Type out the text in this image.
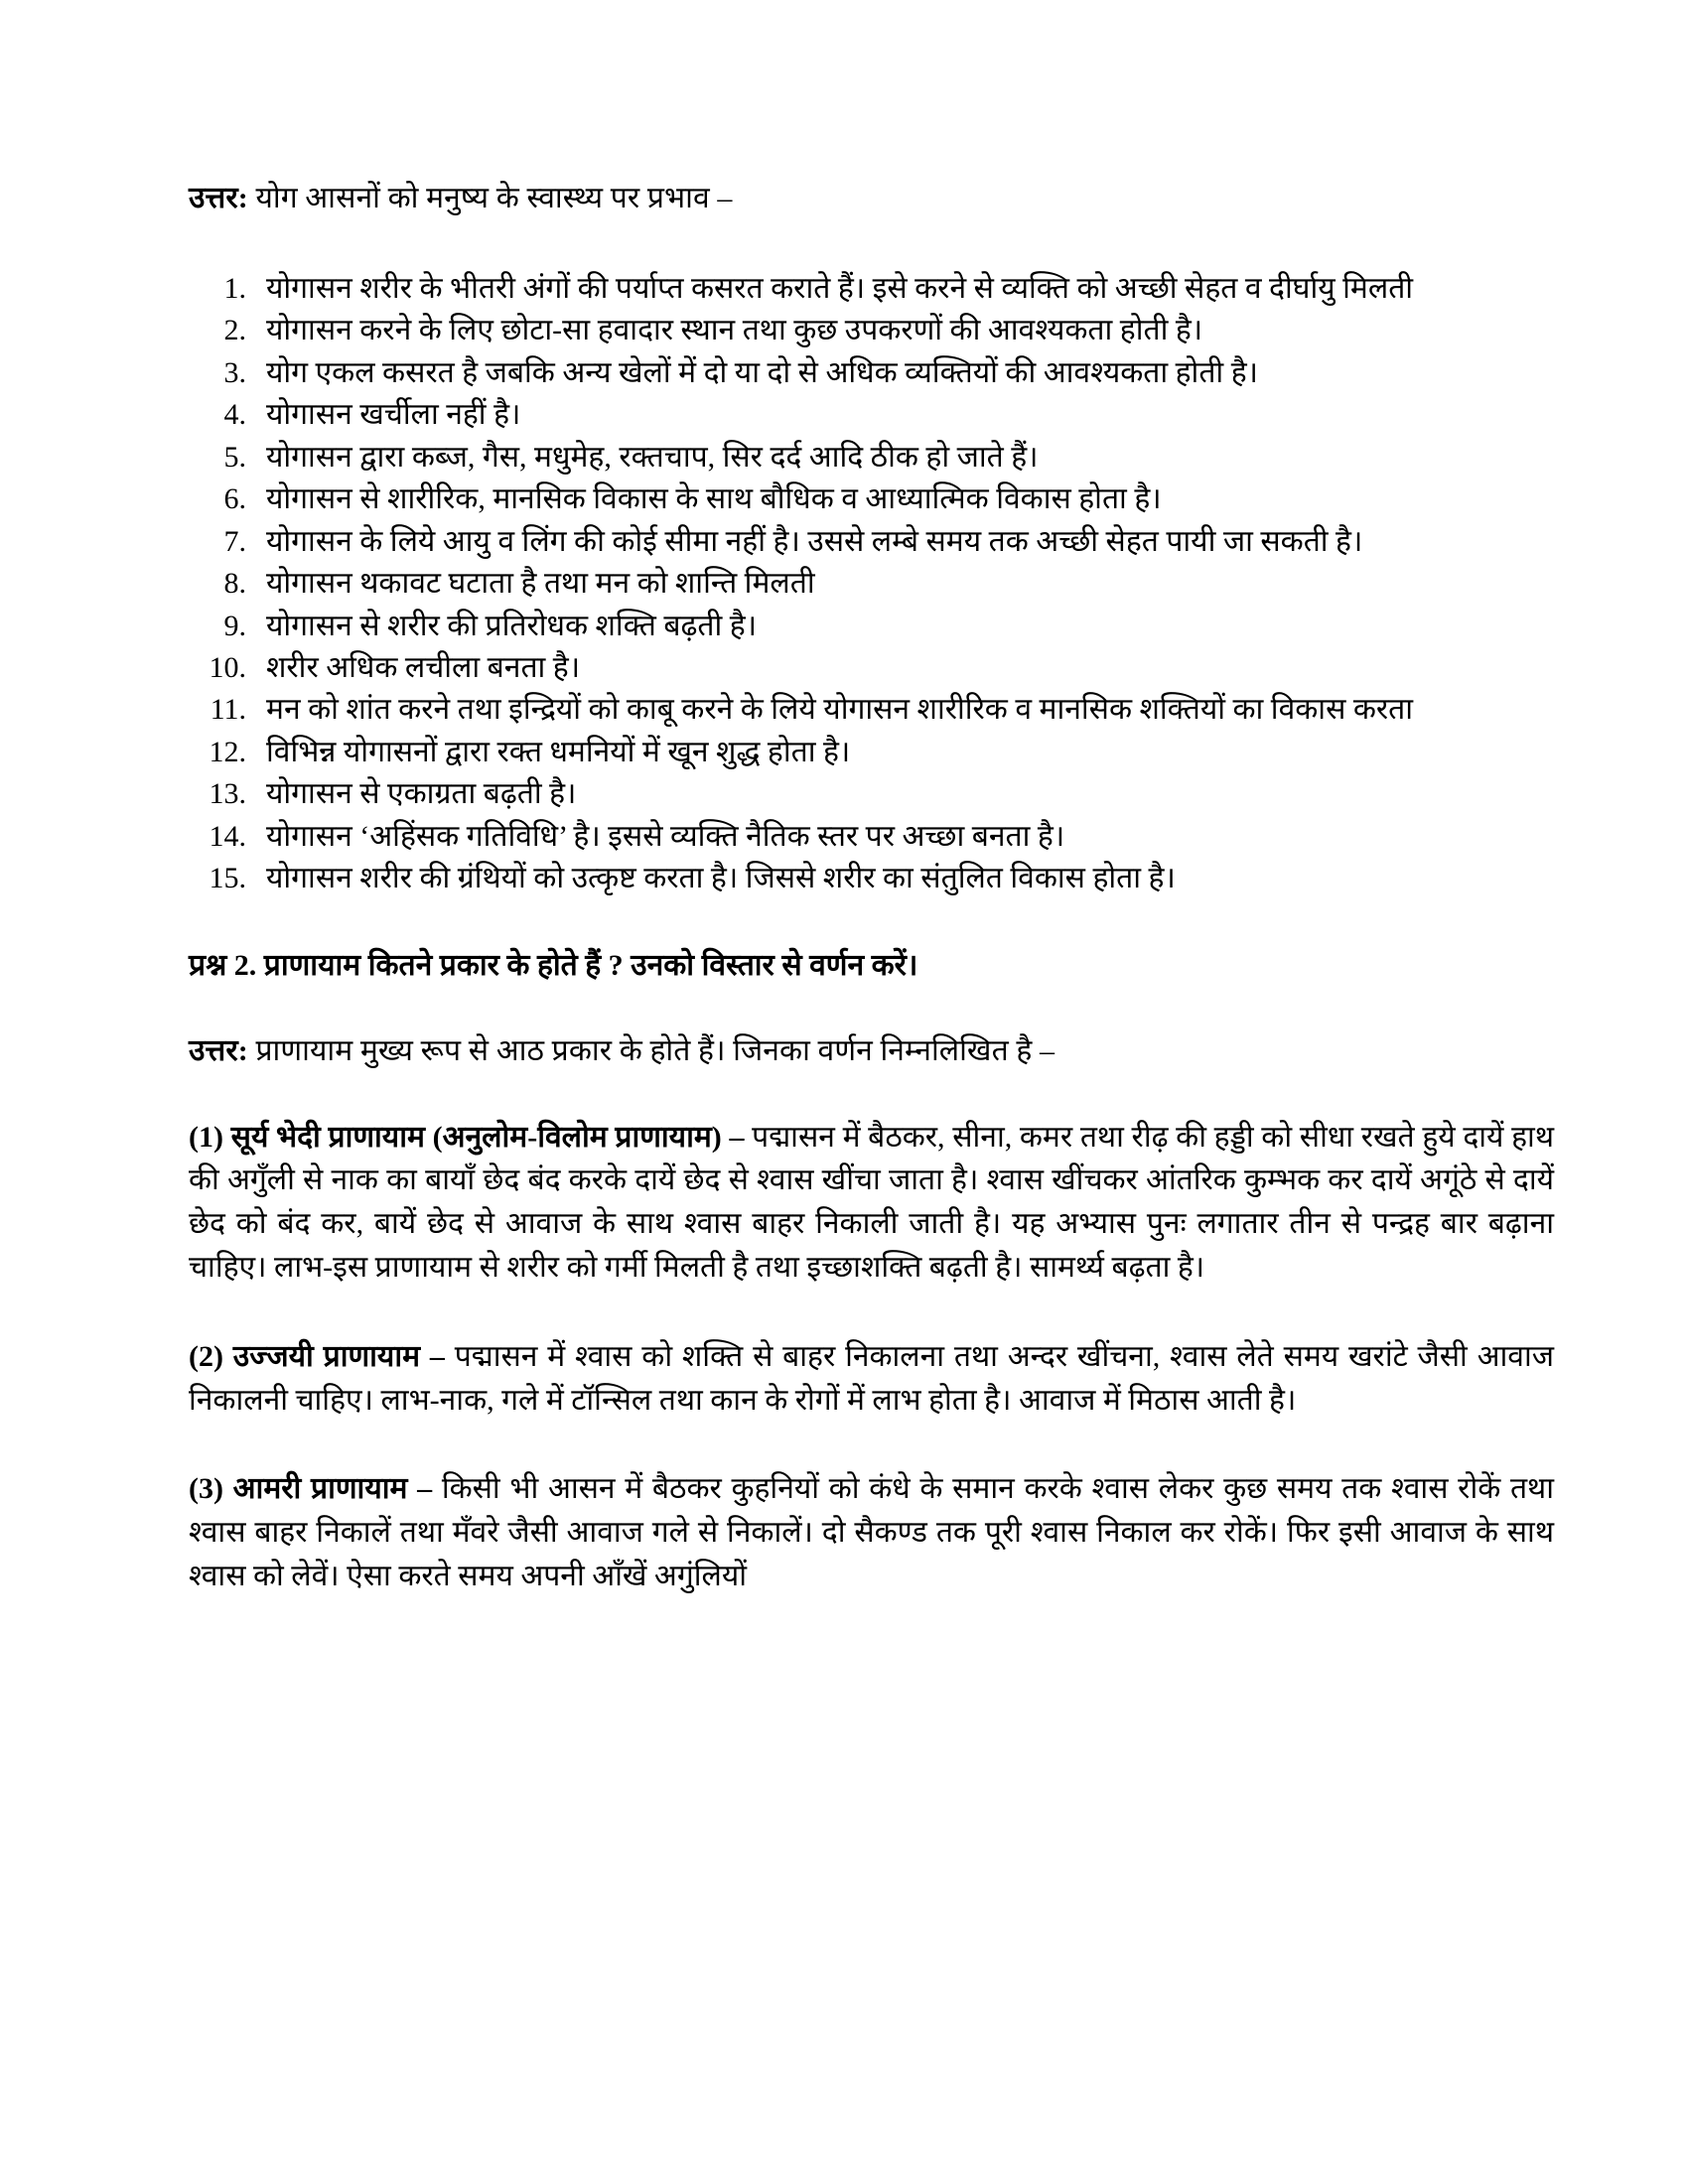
उत्तर: योग आसनों को मनुष्य के स्वास्थ्य पर प्रभाव –

1. योगासन शरीर के भीतरी अंगों की पर्याप्त कसरत कराते हैं। इसे करने से व्यक्ति को अच्छी सेहत व दीर्घायु मिलती
2. योगासन करने के लिए छोटा-सा हवादार स्थान तथा कुछ उपकरणों की आवश्यकता होती है।
3. योग एकल कसरत है जबकि अन्य खेलों में दो या दो से अधिक व्यक्तियों की आवश्यकता होती है।
4. योगासन खर्चीला नहीं है।
5. योगासन द्वारा कब्ज, गैस, मधुमेह, रक्तचाप, सिर दर्द आदि ठीक हो जाते हैं।
6. योगासन से शारीरिक, मानसिक विकास के साथ बौधिक व आध्यात्मिक विकास होता है।
7. योगासन के लिये आयु व लिंग की कोई सीमा नहीं है। उससे लम्बे समय तक अच्छी सेहत पायी जा सकती है।
8. योगासन थकावट घटाता है तथा मन को शान्ति मिलती
9. योगासन से शरीर की प्रतिरोधक शक्ति बढ़ती है।
10. शरीर अधिक लचीला बनता है।
11. मन को शांत करने तथा इन्द्रियों को काबू करने के लिये योगासन शारीरिक व मानसिक शक्तियों का विकास करता
12. विभिन्न योगासनों द्वारा रक्त धमनियों में खून शुद्ध होता है।
13. योगासन से एकाग्रता बढ़ती है।
14. योगासन ‘अहिंसक गतिविधि’ है। इससे व्यक्ति नैतिक स्तर पर अच्छा बनता है।
15. योगासन शरीर की ग्रंथियों को उत्कृष्ट करता है। जिससे शरीर का संतुलित विकास होता है।

प्रश्न 2. प्राणायाम कितने प्रकार के होते हैं ? उनको विस्तार से वर्णन करें।

उत्तर: प्राणायाम मुख्य रूप से आठ प्रकार के होते हैं। जिनका वर्णन निम्नलिखित है –

(1) सूर्य भेदी प्राणायाम (अनुलोम-विलोम प्राणायाम) – पद्मासन में बैठकर, सीना, कमर तथा रीढ़ की हड्डी को सीधा रखते हुये दायें हाथ की अगुँली से नाक का बायाँ छेद बंद करके दायें छेद से श्वास खींचा जाता है। श्वास खींचकर आंतरिक कुम्भक कर दायें अगूंठे से दायें छेद को बंद कर, बायें छेद से आवाज के साथ श्वास बाहर निकाली जाती है। यह अभ्यास पुनः लगातार तीन से पन्द्रह बार बढ़ाना चाहिए। लाभ-इस प्राणायाम से शरीर को गर्मी मिलती है तथा इच्छाशक्ति बढ़ती है। सामर्थ्य बढ़ता है।

(2) उज्जयी प्राणायाम – पद्मासन में श्वास को शक्ति से बाहर निकालना तथा अन्दर खींचना, श्वास लेते समय खरांटे जैसी आवाज निकालनी चाहिए। लाभ-नाक, गले में टॉन्सिल तथा कान के रोगों में लाभ होता है। आवाज में मिठास आती है।

(3) आमरी प्राणायाम – किसी भी आसन में बैठकर कुहनियों को कंधे के समान करके श्वास लेकर कुछ समय तक श्वास रोकें तथा श्वास बाहर निकालें तथा मँवरे जैसी आवाज गले से निकालें। दो सैकण्ड तक पूरी श्वास निकाल कर रोकें। फिर इसी आवाज के साथ श्वास को लेवें। ऐसा करते समय अपनी आँखें अगुंलियों
